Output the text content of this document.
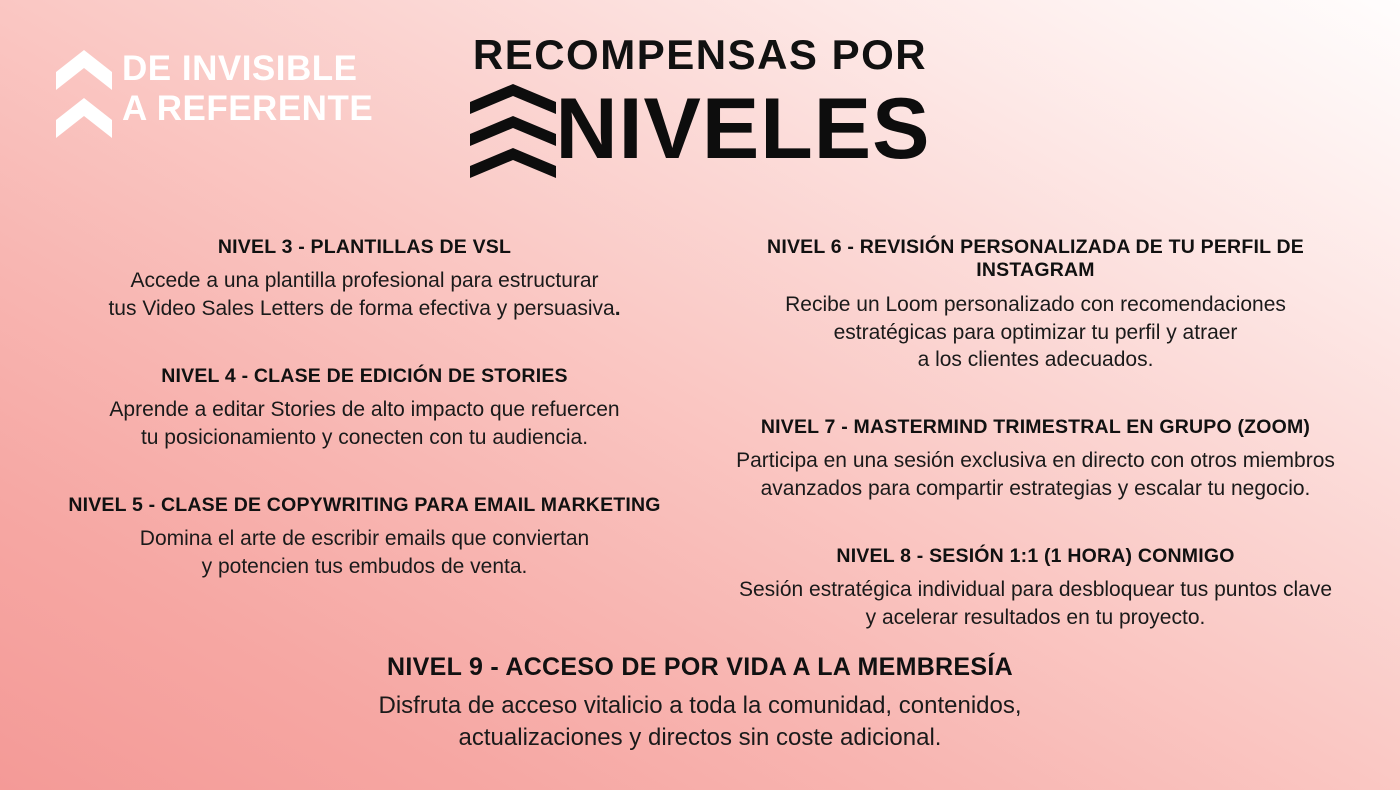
DE INVISIBLE
A REFERENTE
RECOMPENSAS POR
NIVELES
NIVEL 3 - PLANTILLAS DE VSL
Accede a una plantilla profesional para estructurar
tus Video Sales Letters de forma efectiva y persuasiva.
NIVEL 4 - CLASE DE EDICIÓN DE STORIES
Aprende a editar Stories de alto impacto que refuercen
tu posicionamiento y conecten con tu audiencia.
NIVEL 5 - CLASE DE COPYWRITING PARA EMAIL MARKETING
Domina el arte de escribir emails que conviertan
y potencien tus embudos de venta.
NIVEL 6 - REVISIÓN PERSONALIZADA DE TU PERFIL DE INSTAGRAM
Recibe un Loom personalizado con recomendaciones
estratégicas para optimizar tu perfil y atraer
a los clientes adecuados.
NIVEL 7 - MASTERMIND TRIMESTRAL EN GRUPO (ZOOM)
Participa en una sesión exclusiva en directo con otros miembros
avanzados para compartir estrategias y escalar tu negocio.
NIVEL 8 - SESIÓN 1:1 (1 HORA) CONMIGO
Sesión estratégica individual para desbloquear tus puntos clave
y acelerar resultados en tu proyecto.
NIVEL 9 - ACCESO DE POR VIDA A LA MEMBRESÍA
Disfruta de acceso vitalicio a toda la comunidad, contenidos,
actualizaciones y directos sin coste adicional.
